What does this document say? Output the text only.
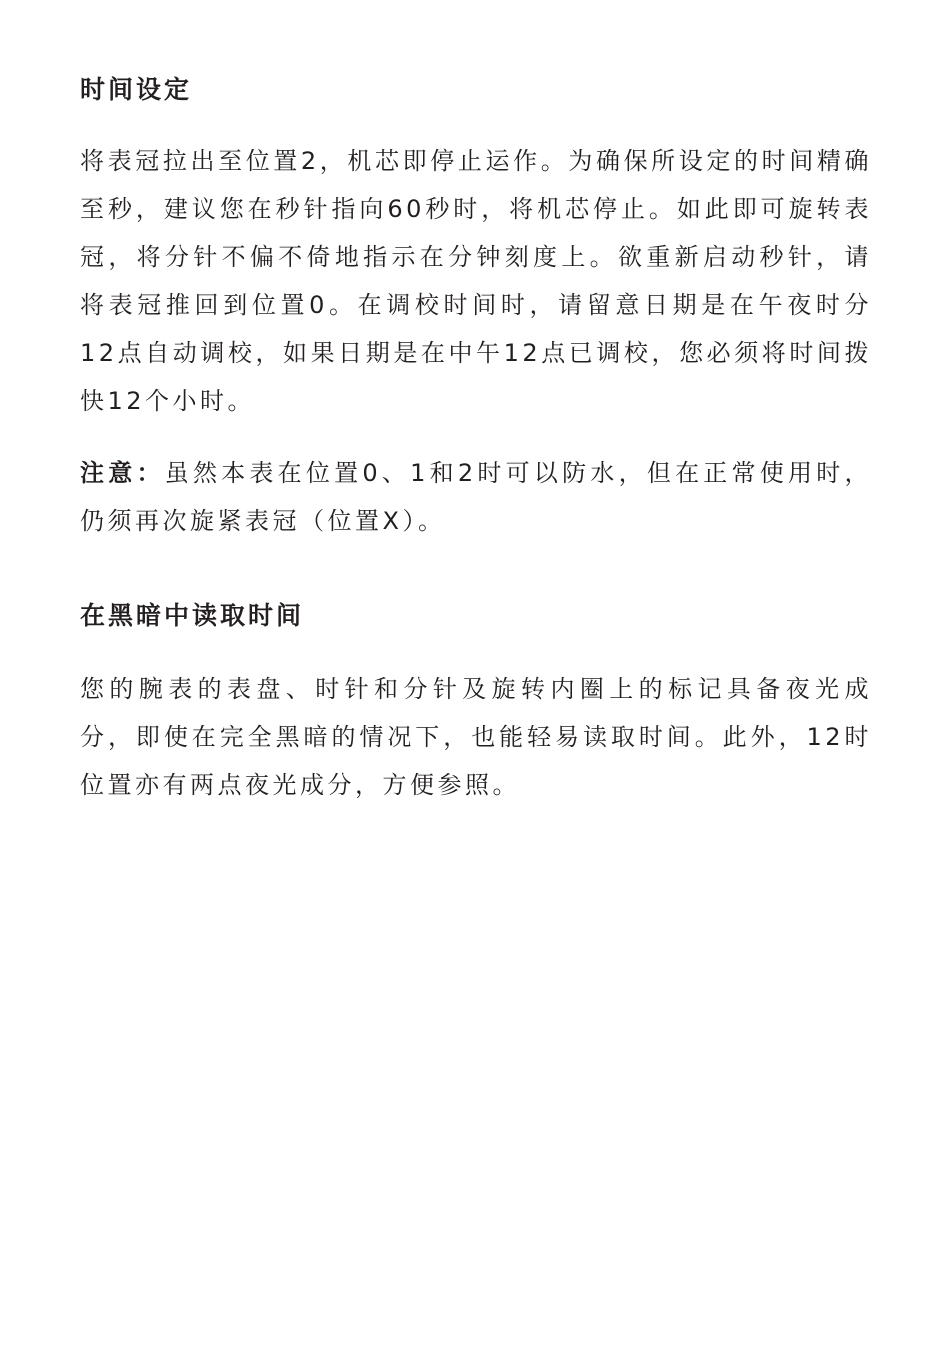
时间设定

将表冠拉出至位置2，机芯即停止运作。为确保所设定的时间精确至秒，建议您在秒针指向60秒时，将机芯停止。如此即可旋转表冠，将分针不偏不倚地指示在分钟刻度上。欲重新启动秒针，请将表冠推回到位置0。在调校时间时，请留意日期是在午夜时分12点自动调校，如果日期是在中午12点已调校，您必须将时间拨快12个小时。

注意：虽然本表在位置0、1和2时可以防水，但在正常使用时，仍须再次旋紧表冠（位置X）。

在黑暗中读取时间

您的腕表的表盘、时针和分针及旋转内圈上的标记具备夜光成分，即使在完全黑暗的情况下，也能轻易读取时间。此外，12时位置亦有两点夜光成分，方便参照。
